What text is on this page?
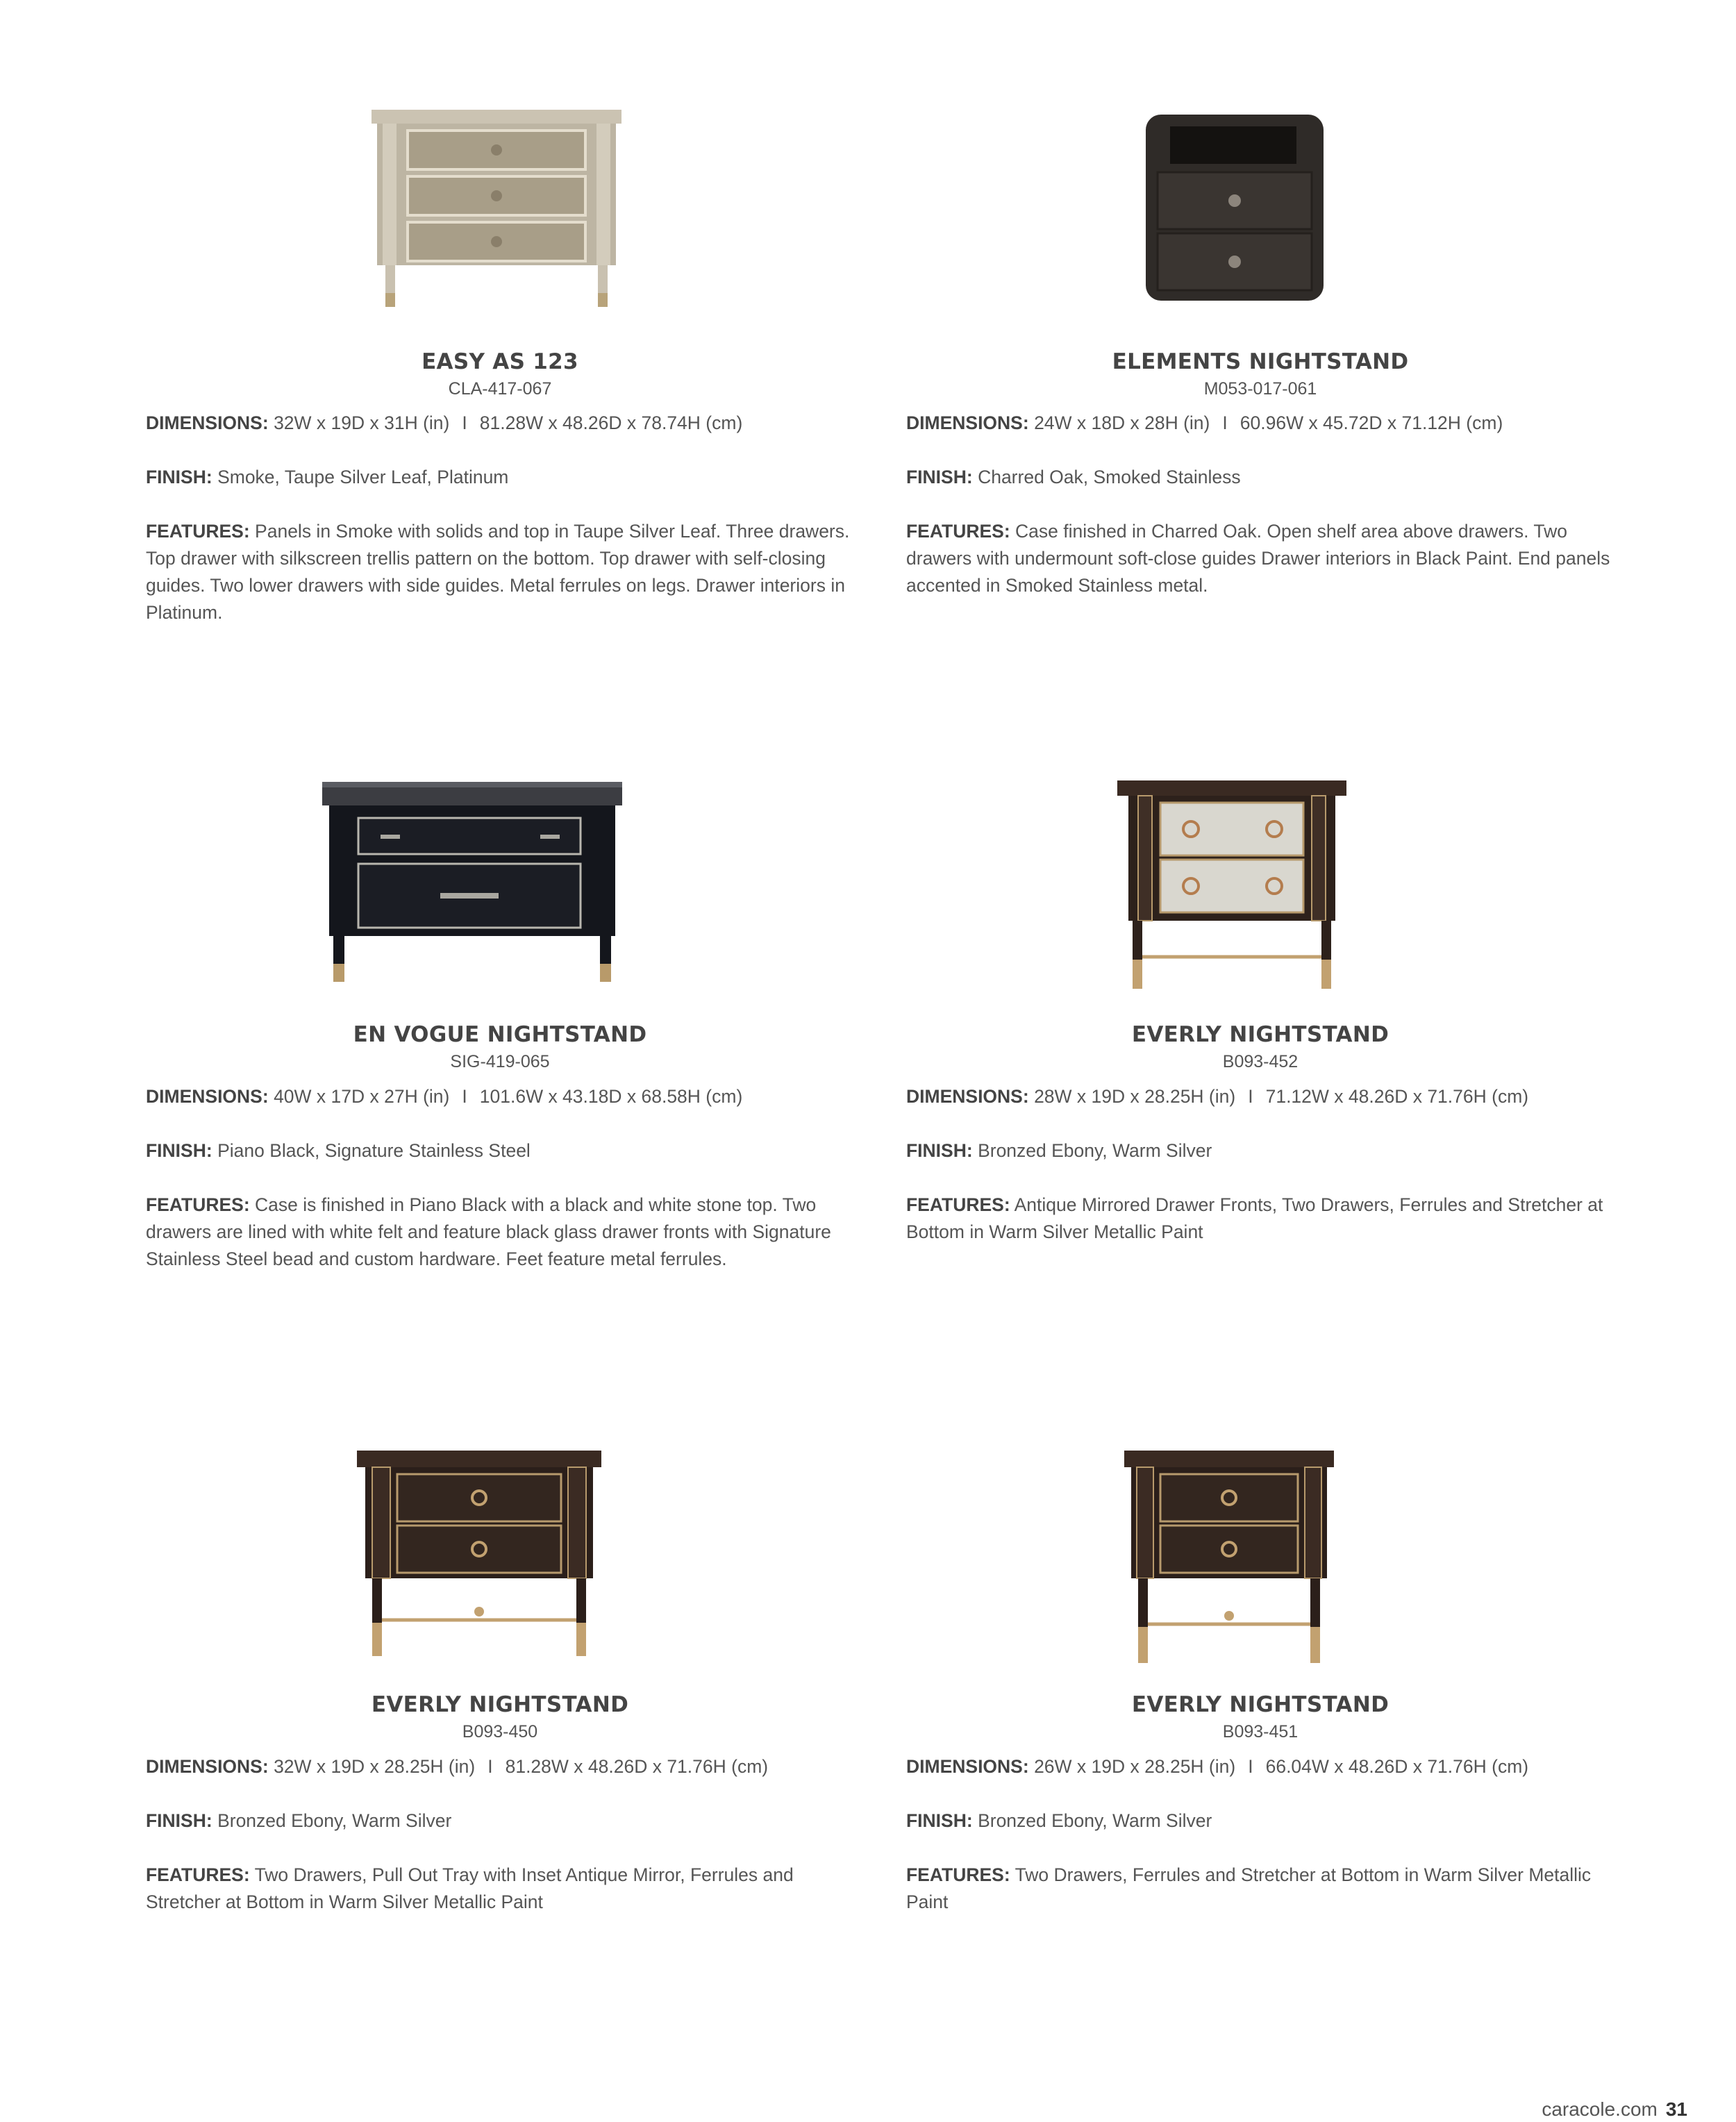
EASY AS 123
CLA-417-067
DIMENSIONS: 32W x 19D x 31H (in) I 81.28W x 48.26D x 78.74H (cm)
FINISH: Smoke, Taupe Silver Leaf, Platinum
FEATURES: Panels in Smoke with solids and top in Taupe Silver Leaf. Three drawers. Top drawer with silkscreen trellis pattern on the bottom. Top drawer with self-closing guides. Two lower drawers with side guides. Metal ferrules on legs. Drawer interiors in Platinum.
ELEMENTS NIGHTSTAND
M053-017-061
DIMENSIONS: 24W x 18D x 28H (in) I 60.96W x 45.72D x 71.12H (cm)
FINISH: Charred Oak, Smoked Stainless
FEATURES: Case finished in Charred Oak. Open shelf area above drawers. Two drawers with undermount soft-close guides Drawer interiors in Black Paint. End panels accented in Smoked Stainless metal.
EN VOGUE NIGHTSTAND
SIG-419-065
DIMENSIONS: 40W x 17D x 27H (in) I 101.6W x 43.18D x 68.58H (cm)
FINISH: Piano Black, Signature Stainless Steel
FEATURES: Case is finished in Piano Black with a black and white stone top. Two drawers are lined with white felt and feature black glass drawer fronts with Signature Stainless Steel bead and custom hardware. Feet feature metal ferrules.
EVERLY NIGHTSTAND
B093-452
DIMENSIONS: 28W x 19D x 28.25H (in) I 71.12W x 48.26D x 71.76H (cm)
FINISH: Bronzed Ebony, Warm Silver
FEATURES: Antique Mirrored Drawer Fronts, Two Drawers, Ferrules and Stretcher at Bottom in Warm Silver Metallic Paint
EVERLY NIGHTSTAND
B093-450
DIMENSIONS: 32W x 19D x 28.25H (in) I 81.28W x 48.26D x 71.76H (cm)
FINISH: Bronzed Ebony, Warm Silver
FEATURES: Two Drawers, Pull Out Tray with Inset Antique Mirror, Ferrules and Stretcher at Bottom in Warm Silver Metallic Paint
EVERLY NIGHTSTAND
B093-451
DIMENSIONS: 26W x 19D x 28.25H (in) I 66.04W x 48.26D x 71.76H (cm)
FINISH: Bronzed Ebony, Warm Silver
FEATURES: Two Drawers, Ferrules and Stretcher at Bottom in Warm Silver Metallic Paint
caracole.com 31
